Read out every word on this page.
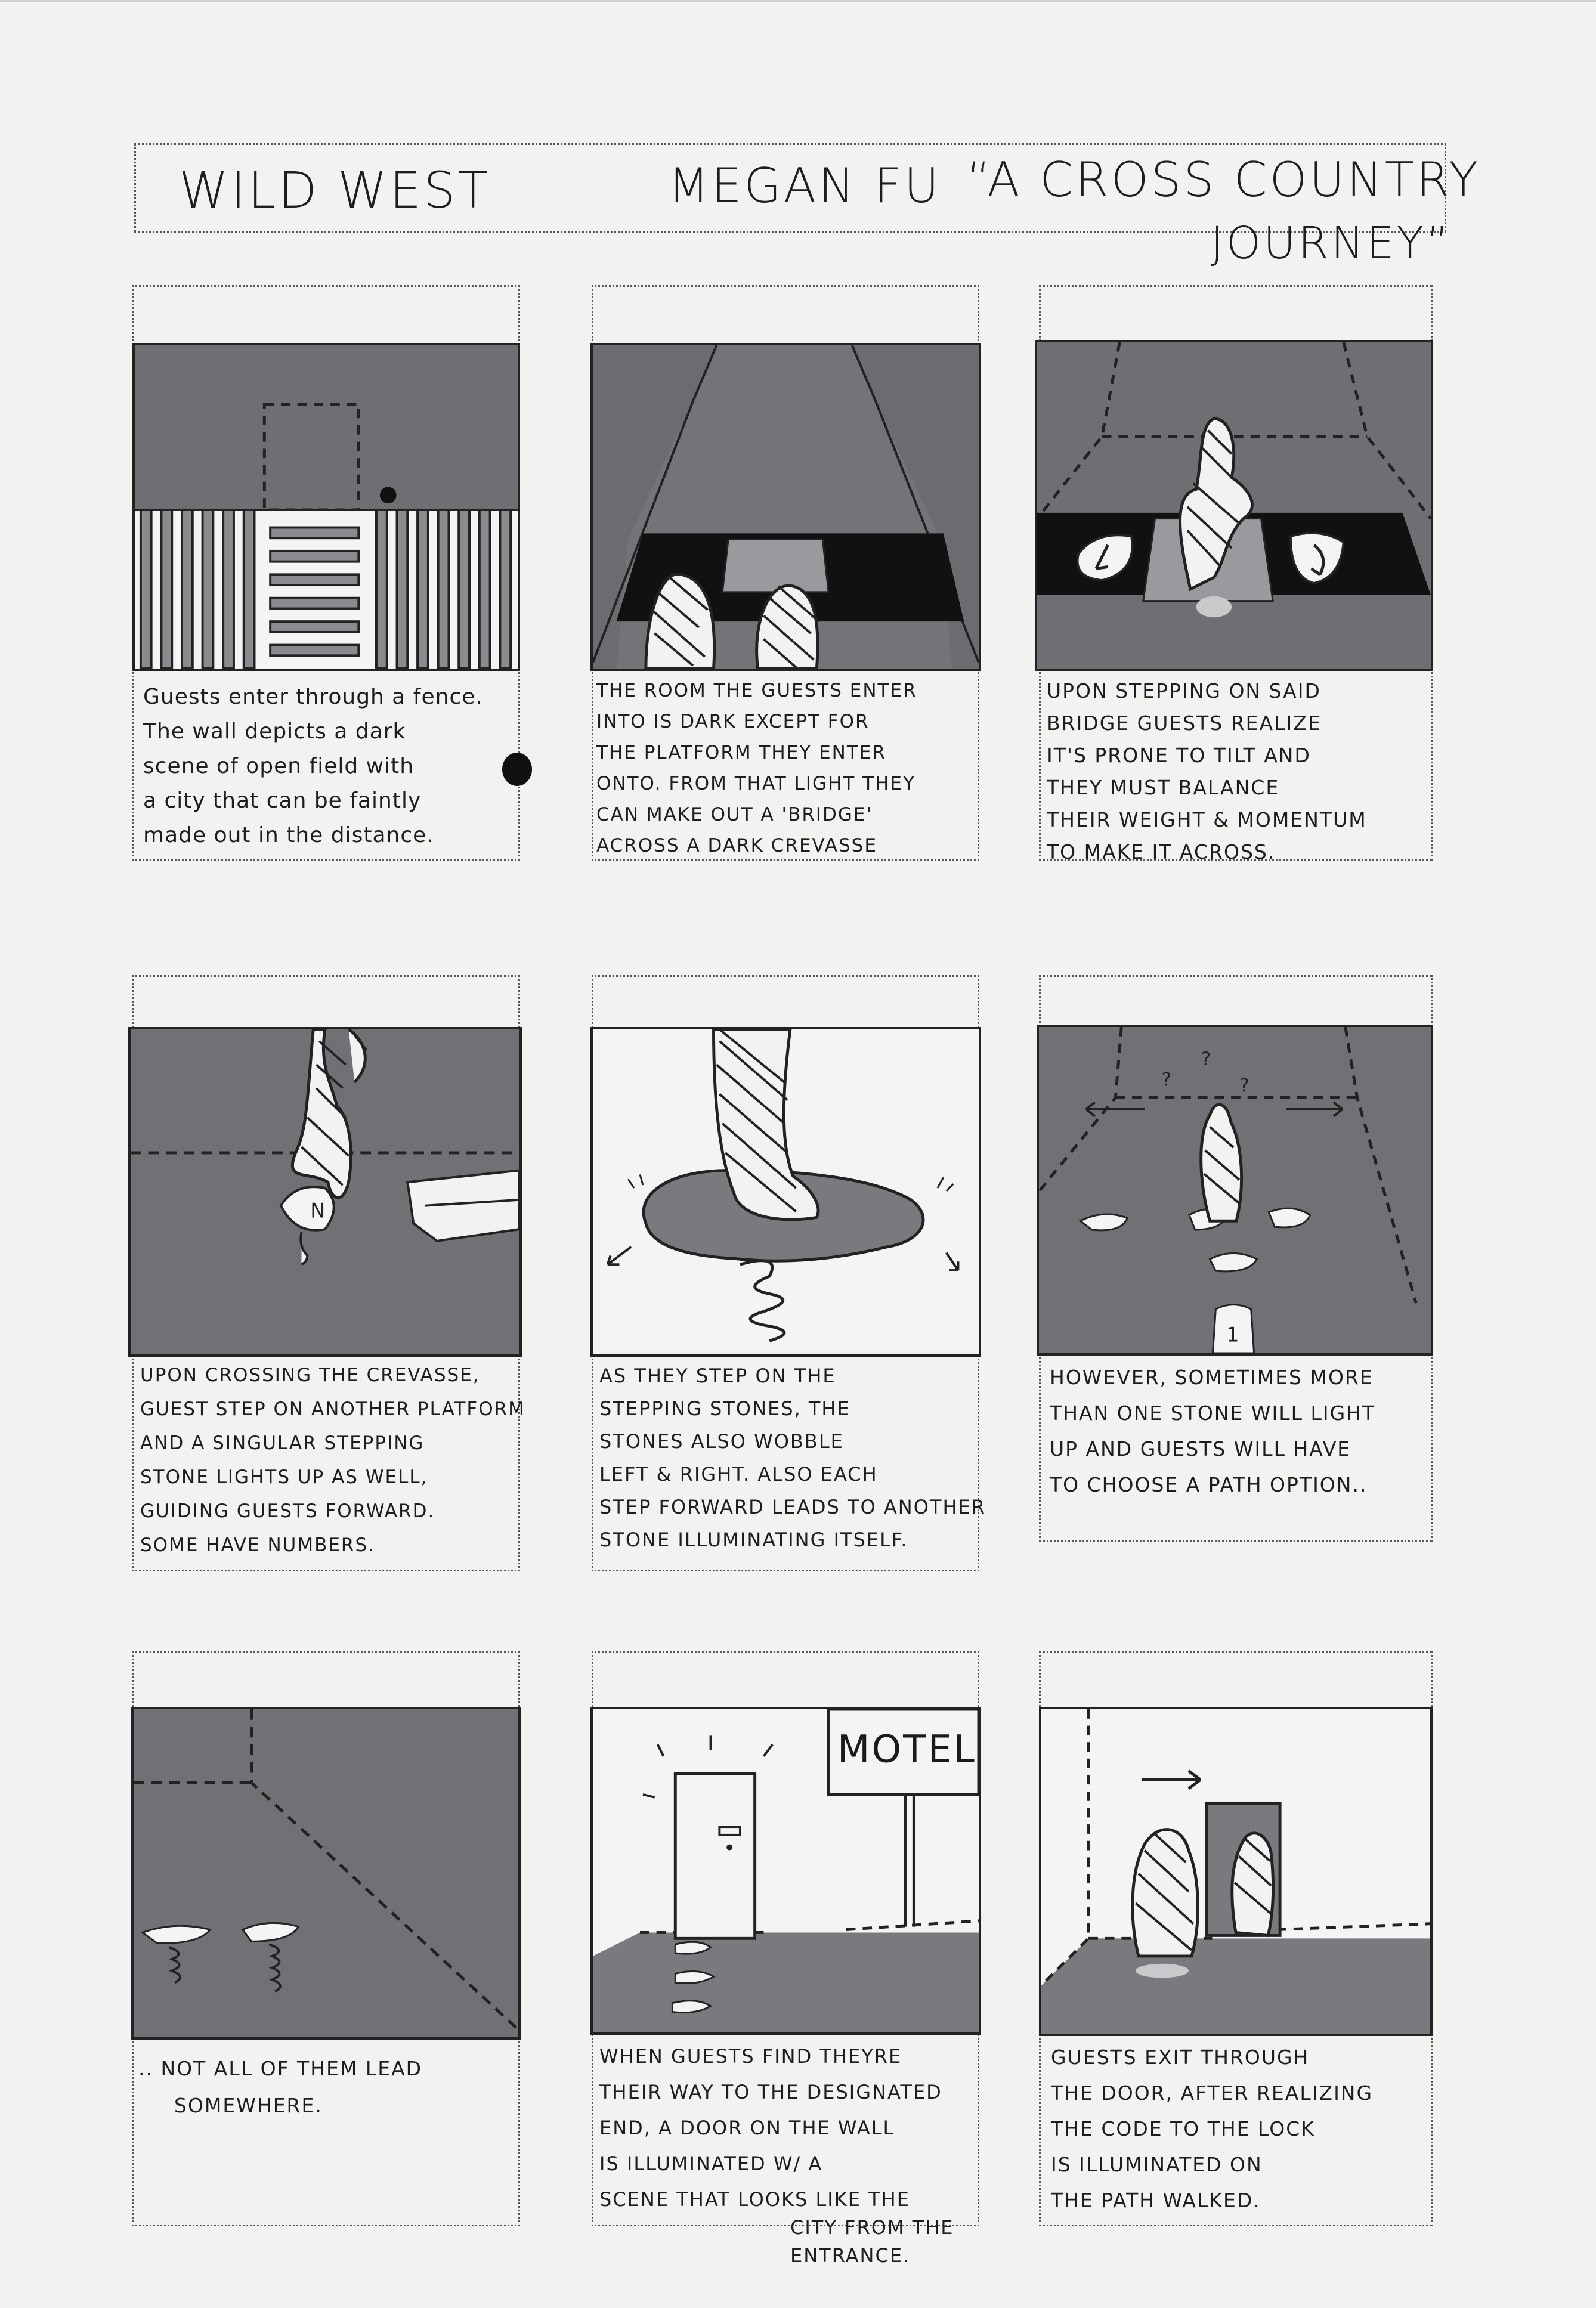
WILD WEST	MEGAN FU “A CROSS COUNTRY
JOURNEY”
Guests enter through a fence.
The wall depicts a dark
scene of open field with
a city that can be faintly
made out in the distance.
THE ROOM THE GUESTS ENTER
INTO IS DARK EXCEPT FOR
THE PLATFORM THEY ENTER
ONTO. FROM THAT LIGHT THEY
CAN MAKE OUT A 'BRIDGE'
ACROSS A DARK CREVASSE
UPON STEPPING ON SAID
BRIDGE GUESTS REALIZE
IT'S PRONE TO TILT AND
THEY MUST BALANCE
THEIR WEIGHT & MOMENTUM
TO MAKE IT ACROSS.
N
UPON CROSSING THE CREVASSE,
GUEST STEP ON ANOTHER PLATFORM
AND A SINGULAR STEPPING
STONE LIGHTS UP AS WELL,
GUIDING GUESTS FORWARD.
SOME HAVE NUMBERS.
AS THEY STEP ON THE
STEPPING STONES, THE
STONES ALSO WOBBLE
LEFT & RIGHT. ALSO EACH
STEP FORWARD LEADS TO ANOTHER
STONE ILLUMINATING ITSELF.
1
?
?
?
HOWEVER, SOMETIMES MORE
THAN ONE STONE WILL LIGHT
UP AND GUESTS WILL HAVE
TO CHOOSE A PATH OPTION..
.. NOT ALL OF THEM LEAD
SOMEWHERE.
MOTEL
WHEN GUESTS FIND THEYRE
THEIR WAY TO THE DESIGNATED
END, A DOOR ON THE WALL
IS ILLUMINATED W/ A
SCENE THAT LOOKS LIKE THE
CITY FROM THE
ENTRANCE.
GUESTS EXIT THROUGH
THE DOOR, AFTER REALIZING
THE CODE TO THE LOCK
IS ILLUMINATED ON
THE PATH WALKED.
